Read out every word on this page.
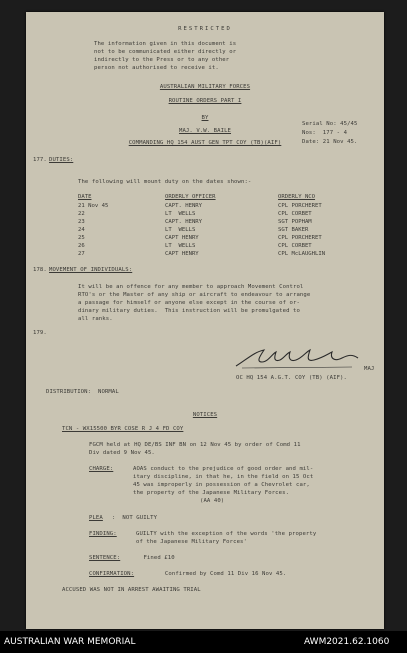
RESTRICTED
The information given in this document is
not to be communicated either directly or
indirectly to the Press or to any other
person not authorised to receive it.
AUSTRALIAN MILITARY FORCES
ROUTINE ORDERS PART I
BY
MAJ. V.W. BAILE
COMMANDING HQ 154 AUST GEN TPT COY (TB)(AIF)
Serial No: 45/45
Nos:  177 - 4
Date: 21 Nov 45.
177. DUTIES:
The following will mount duty on the dates shown:-
DATE	ORDERLY OFFICER	ORDERLY NCO
21 Nov 45	CAPT. HENRY	CPL PORCHERET
22	LT  WELLS	CPL CORBET
23	CAPT. HENRY	SGT POPHAM
24	LT  WELLS	SGT BAKER
25	CAPT HENRY	CPL PORCHERET
26	LT  WELLS	CPL CORBET
27	CAPT HENRY	CPL McLAUGHLIN
178. MOVEMENT OF INDIVIDUALS:
It will be an offence for any member to approach Movement Control
RTO's or the Master of any ship or aircraft to endeavour to arrange
a passage for himself or anyone else except in the course of or-
dinary military duties.  This instruction will be promulgated to
all ranks.
179.
MAJ
OC HQ 154 A.G.T. COY (TB) (AIF).
DISTRIBUTION:  NORMAL
NOTICES
TCN - WX15500 BYR COSE R J 4 FD COY
FGCM held at HQ DE/BS INF BN on 12 Nov 45 by order of Comd 11
Div dated 9 Nov 45.
CHARGE:	AOAS conduct to the prejudice of good order and mil-
itary discipline, in that he, in the field on 15 Oct
45 was improperly in possession of a Chevrolet car,
the property of the Japanese Military Forces.
(AA 40)
PLEA :  NOT GUILTY
FINDING:	GUILTY with the exception of the words 'the property
of the Japanese Military Forces'
SENTENCE:	Fined £10
CONFIRMATION:	Confirmed by Comd 11 Div 16 Nov 45.
ACCUSED WAS NOT IN ARREST AWAITING TRIAL
AUSTRALIAN WAR MEMORIAL	AWM2021.62.1060
